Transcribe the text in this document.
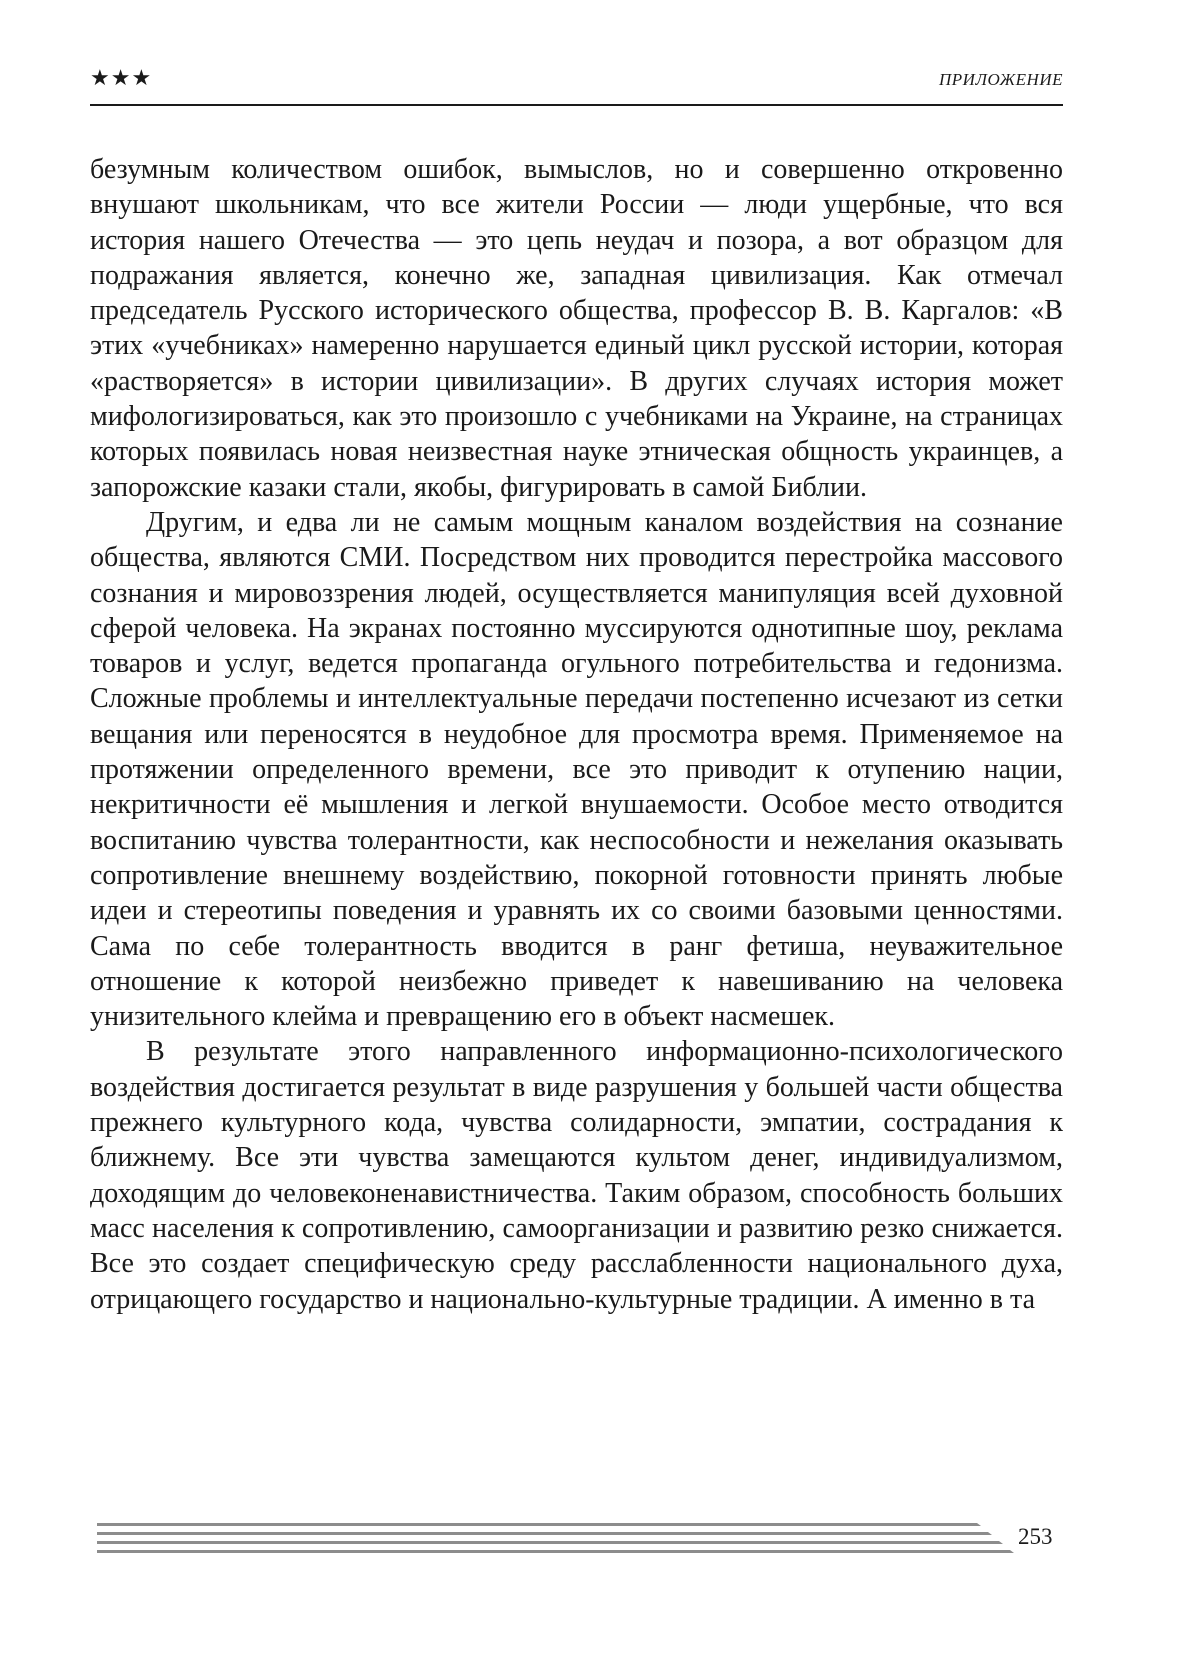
★★★	ПРИЛОЖЕНИЕ

безумным количеством ошибок, вымыслов, но и совершенно откровенно внушают школьникам, что все жители России — люди ущербные, что вся история нашего Отечества — это цепь неудач и позора, а вот образцом для подражания является, конечно же, западная цивилизация. Как отмечал председатель Русского исторического общества, профессор В. В. Каргалов: «В этих «учебниках» намеренно нарушается единый цикл русской истории, которая «растворяется» в истории цивилизации». В других случаях история может мифологизироваться, как это произошло с учебниками на Украине, на страницах которых появилась новая неизвестная науке этническая общность украинцев, а запорожские казаки стали, якобы, фигурировать в самой Библии.

Другим, и едва ли не самым мощным каналом воздействия на сознание общества, являются СМИ. Посредством них проводится перестройка массового сознания и мировоззрения людей, осуществляется манипуляция всей духовной сферой человека. На экранах постоянно муссируются однотипные шоу, реклама товаров и услуг, ведется пропаганда огульного потребительства и гедонизма. Сложные проблемы и интеллектуальные передачи постепенно исчезают из сетки вещания или переносятся в неудобное для просмотра время. Применяемое на протяжении определенного времени, все это приводит к отупению нации, некритичности её мышления и легкой внушаемости. Особое место отводится воспитанию чувства толерантности, как неспособности и нежелания оказывать сопротивление внешнему воздействию, покорной готовности принять любые идеи и стереотипы поведения и уравнять их со своими базовыми ценностями. Сама по себе толерантность вводится в ранг фетиша, неуважительное отношение к которой неизбежно приведет к навешиванию на человека унизительного клейма и превращению его в объект насмешек.

В результате этого направленного информационно-психологического воздействия достигается результат в виде разрушения у большей части общества прежнего культурного кода, чувства солидарности, эмпатии, сострадания к ближнему. Все эти чувства замещаются культом денег, индивидуализмом, доходящим до человеконенавистничества. Таким образом, способность больших масс населения к сопротивлению, самоорганизации и развитию резко снижается. Все это создает специфическую среду расслабленности национального духа, отрицающего государство и национально-культурные традиции. А именно в та

253
